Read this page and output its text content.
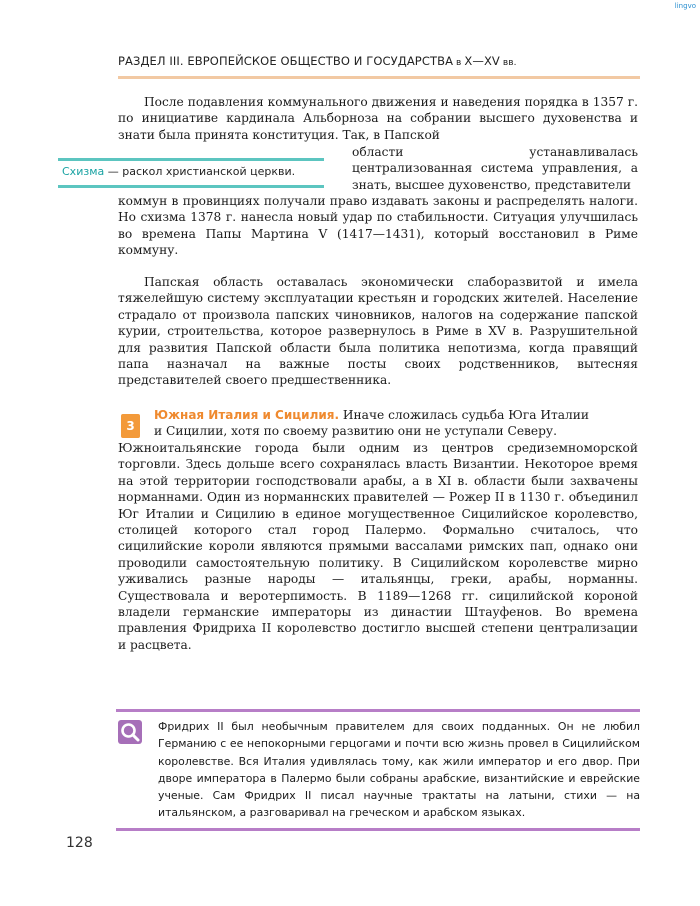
lingvo
РАЗДЕЛ III. ЕВРОПЕЙСКОЕ ОБЩЕСТВО И ГОСУДАРСТВА в X—XV вв.

После подавления коммунального движения и наведения порядка в 1357 г. по инициативе кардинала Альборноза на собрании высшего духовенства и знати была принята конституция. Так, в Папской

Схизма — раскол христианской церкви.

области устанавливалась централизованная система управления, а знать, высшее духовенство, представители

коммун в провинциях получали право издавать законы и распределять налоги. Но схизма 1378 г. нанесла новый удар по стабильности. Ситуация улучшилась во времена Папы Мартина V (1417—1431), который восстановил в Риме коммуну.

Папская область оставалась экономически слаборазвитой и имела тяжелейшую систему эксплуатации крестьян и городских жителей. Население страдало от произвола папских чиновников, налогов на содержание папской курии, строительства, которое развернулось в Риме в XV в. Разрушительной для развития Папской области была политика непотизма, когда правящий папа назначал на важные посты своих родственников, вытесняя представителей своего предшественника.

3

Южная Италия и Сицилия. Иначе сложилась судьба Юга Италии

и Сицилии, хотя по своему развитию они не уступали Северу.

Южноитальянские города были одним из центров средиземноморской торговли. Здесь дольше всего сохранялась власть Византии. Некоторое время на этой территории господствовали арабы, а в XI в. области были захвачены норманнами. Один из норманнских правителей — Рожер II в 1130 г. объединил Юг Италии и Сицилию в единое могущественное Сицилийское королевство, столицей которого стал город Палермо. Формально считалось, что сицилийские короли являются прямыми вассалами римских пап, однако они проводили самостоятельную политику. В Сицилийском королевстве мирно уживались разные народы — итальянцы, греки, арабы, норманны. Существовала и веротерпимость. В 1189—1268 гг. сицилийской короной владели германские императоры из династии Штауфенов. Во времена правления Фридриха II королевство достигло высшей степени централизации и расцвета.

Фридрих II был необычным правителем для своих подданных. Он не любил Германию с ее непокорными герцогами и почти всю жизнь провел в Сицилийском королевстве. Вся Италия удивлялась тому, как жили император и его двор. При дворе императора в Палермо были собраны арабские, византийские и еврейские ученые. Сам Фридрих II писал научные трактаты на латыни, стихи — на итальянском, а разговаривал на греческом и арабском языках.
128
